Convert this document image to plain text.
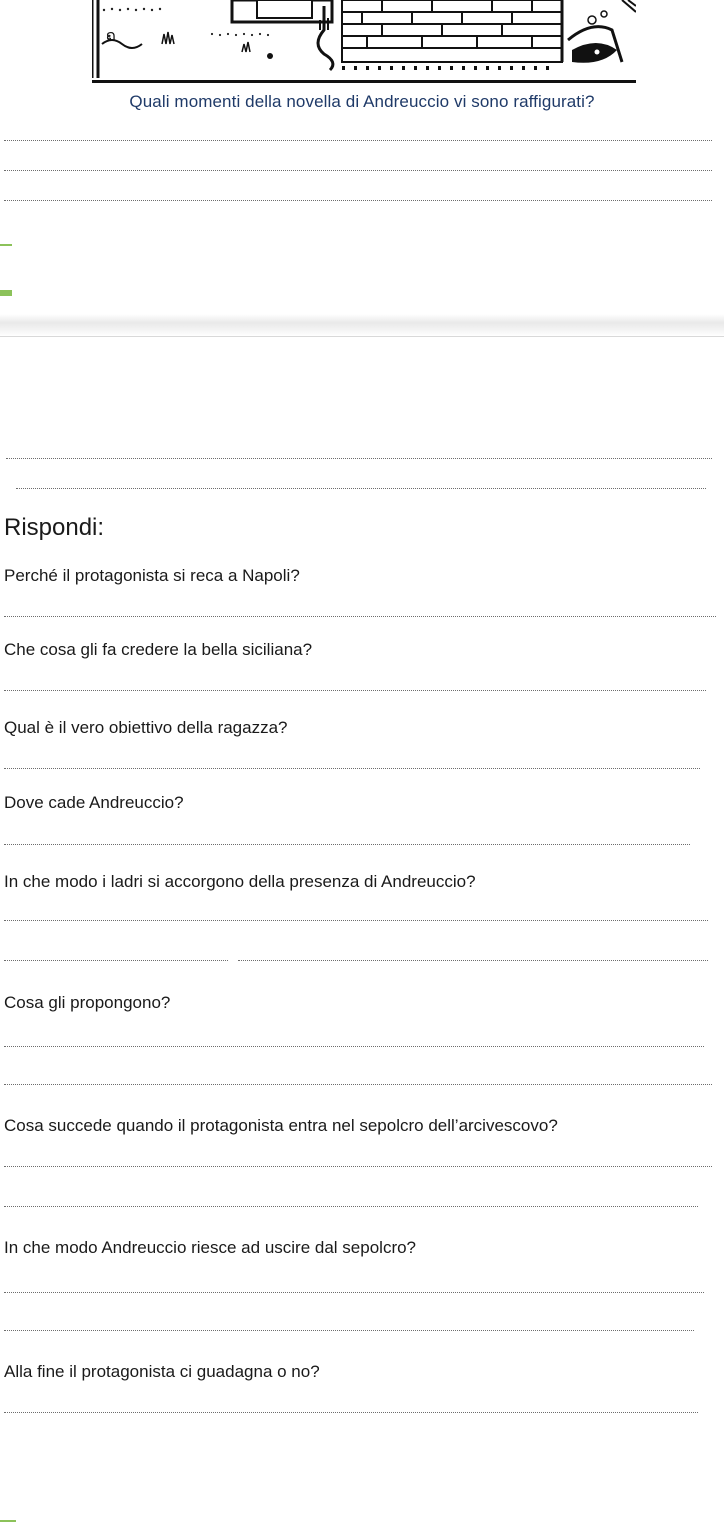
ຄ
Quali momenti della novella di Andreuccio vi sono raffigurati?
Rispondi:
Perché il protagonista si reca a Napoli?
Che cosa gli fa credere la bella siciliana?
Qual è il vero obiettivo della ragazza?
Dove cade Andreuccio?
In che modo i ladri si accorgono della presenza di Andreuccio?
Cosa gli propongono?
Cosa succede quando il protagonista entra nel sepolcro dell’arcivescovo?
In che modo Andreuccio riesce ad uscire dal sepolcro?
Alla fine il protagonista ci guadagna o no?
